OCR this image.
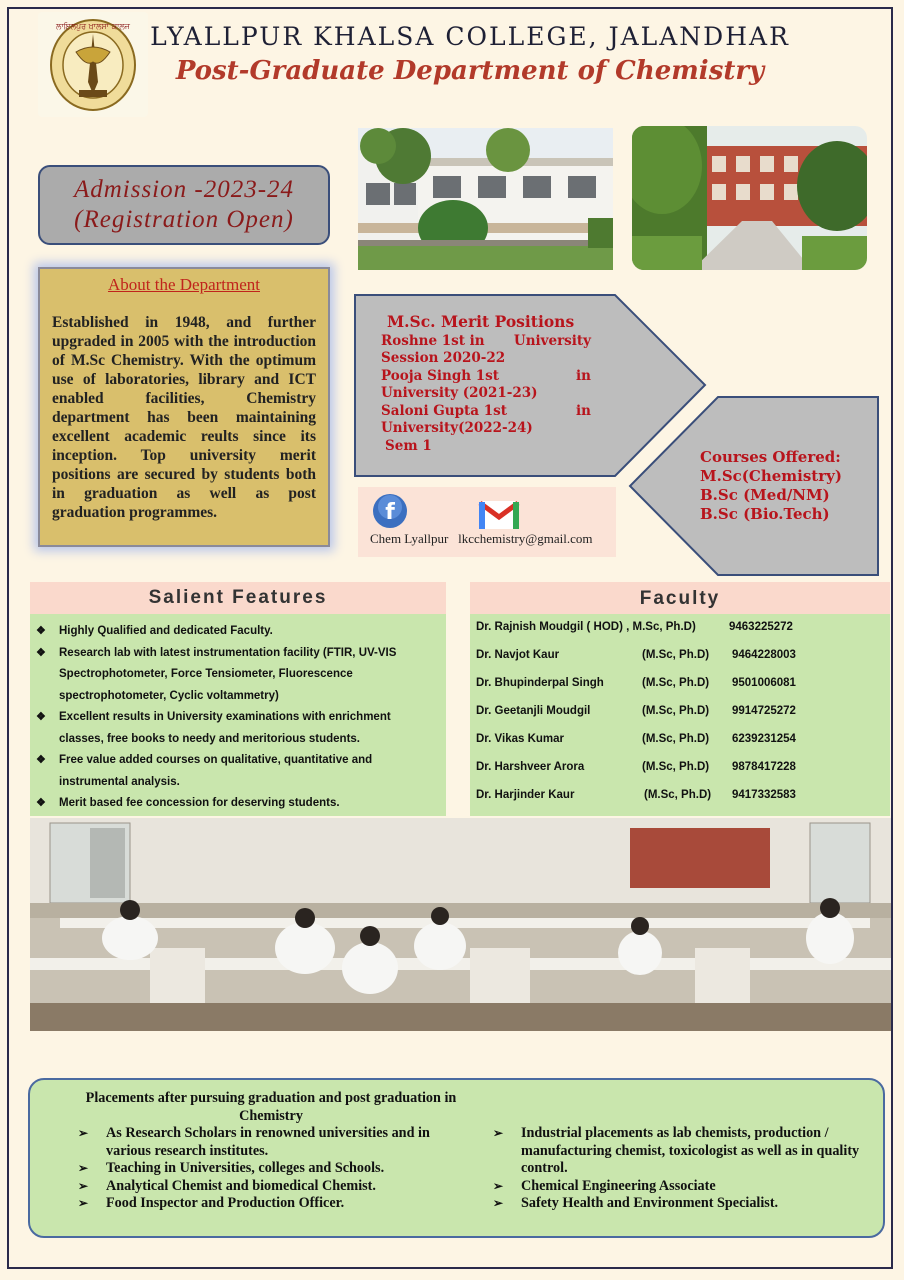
ਲਾਇਲਪੁਰ ਖ਼ਾਲਸਾ ਕਾਲਜ LYALLPUR KHALSA COLLEGE, JALANDHAR
Post-Graduate Department of Chemistry
Admission -2023-24
(Registration Open)
About the Department
Established in 1948, and further upgraded in 2005 with the introduction of M.Sc Chemistry. With the optimum use of laboratories, library and ICT enabled facilities, Chemistry department has been maintaining excellent academic reults since its inception. Top university merit positions are secured by students both in graduation as well as post graduation programmes.
M.Sc. Merit Positions
Roshne 1st in University
Session 2020-22
Pooja Singh 1st	in
University (2021-23)
Saloni Gupta 1st	in
University(2022-24)
Sem 1
Courses Offered:
M.Sc(Chemistry)
B.Sc (Med/NM)
B.Sc (Bio.Tech)
f
Chem Lyallpur lkcchemistry@gmail.com
Salient Features
❖ Highly Qualified and dedicated Faculty.
❖ Research lab with latest instrumentation facility (FTIR, UV-VIS Spectrophotometer, Force Tensiometer, Fluorescence spectrophotometer, Cyclic voltammetry)
❖ Excellent results in University examinations with enrichment classes, free books to needy and meritorious students.
❖ Free value added courses on qualitative, quantitative and instrumental analysis.
❖ Merit based fee concession for deserving students.
Faculty
Dr. Rajnish Moudgil ( HOD) , M.Sc, Ph.D)	9463225272
Dr. Navjot Kaur	(M.Sc, Ph.D) 9464228003
Dr. Bhupinderpal Singh	(M.Sc, Ph.D) 9501006081
Dr. Geetanjli Moudgil	(M.Sc, Ph.D) 9914725272
Dr. Vikas Kumar	(M.Sc, Ph.D) 6239231254
Dr. Harshveer Arora	(M.Sc, Ph.D) 9878417228
Dr. Harjinder Kaur	(M.Sc, Ph.D) 9417332583
Placements after pursuing graduation and post graduation in Chemistry
➢ As Research Scholars in renowned universities and in various research institutes.
➢ Teaching in Universities, colleges and Schools.
➢ Analytical Chemist and biomedical Chemist.
➢ Food Inspector and Production Officer.
➢ Industrial placements as lab chemists, production / manufacturing chemist, toxicologist as well as in quality control.
➢ Chemical Engineering Associate
➢ Safety Health and Environment Specialist.
